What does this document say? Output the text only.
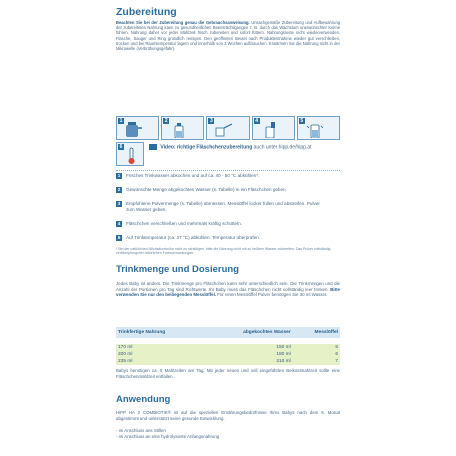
Zubereitung
Beachten Sie bei der Zubereitung genau die Gebrauchsanweisung. Unsachgemäße Zubereitung und Aufbewahrung der zubereiteten Nahrung kann zu gesundheitlichen Beeinträchtigungen z. B. durch das Wachstum unerwünschter Keime führen. Nahrung daher vor jeder Mahlzeit frisch zubereiten und sofort füttern. Nahrungsreste nicht wiederverwenden. Flasche, Sauger und Ring gründlich reinigen. Den geöffneten Beutel nach Produktentnahme wieder gut verschließen, trocken und bei Raumtemperatur lagern und innerhalb von 3 Wochen aufbrauchen. Erwärmen Sie die Nahrung nicht in der Mikrowelle (Verbrühungsgefahr).
1	2	3	4	5
6	Video: richtige Fläschchenzubereitung auch unter hipp.de/hipp.at
1 Frisches Trinkwasser abkochen und auf ca. 40 - 50 °C abkühlen*.
2 Gewünschte Menge abgekochtes Wasser (s. Tabelle) in ein Fläschchen geben.
3 Empfohlene Pulvermenge (s. Tabelle) abmessen. Messlöffel locker füllen und abstreifen. Pulver zum Wasser geben.
4 Fläschchen verschließen und mehrmals kräftig schütteln.
5 Auf Trinktemperatur (ca. 37 °C) abkühlen. Temperatur überprüfen.
* Bei der natürlichen Milchsäurekultur nicht zu schädigen, bitte die Nahrung nicht mit zu heißem Wasser zubereiten. Das Pulver vollständig verklumpfungsfrei natürlichen Farbschwankungen.
Trinkmenge und Dosierung
Jedes Baby ist anders. Die Trinkmenge pro Fläschchen kann sehr unterschiedlich sein. Die Trinkmengen und die Anzahl der Portionen pro Tag sind Richtwerte. Ihr Baby muss das Fläschchen nicht vollständig leer trinken. Bitte verwenden Sie nur den beiliegenden Messlöffel. Für einen Messlöffel Pulver benötigen Sie 30 ml Wasser.
Trinkfertige Nahrung	abgekochtes Wasser	Messlöffel

170 ml	150 ml	5
200 ml	180 ml	6
235 ml	210 ml	7
Babys benötigen ca. 5 Mahlzeiten am Tag. Mit jeder neuen und voll eingeführten Beikostmahlzeit sollte eine Fläschchenmahlzeit entfallen.
Anwendung
HiPP HA 2 COMBIOTIK® ist auf die speziellen Ernährungsbedürfnisse Ihres Babys nach dem 6. Monat abgestimmt und unterstützt seine gesunde Entwicklung.
- im Anschluss ans Stillen
- im Anschluss an eine hydrolysierte Anfangsnahrung
